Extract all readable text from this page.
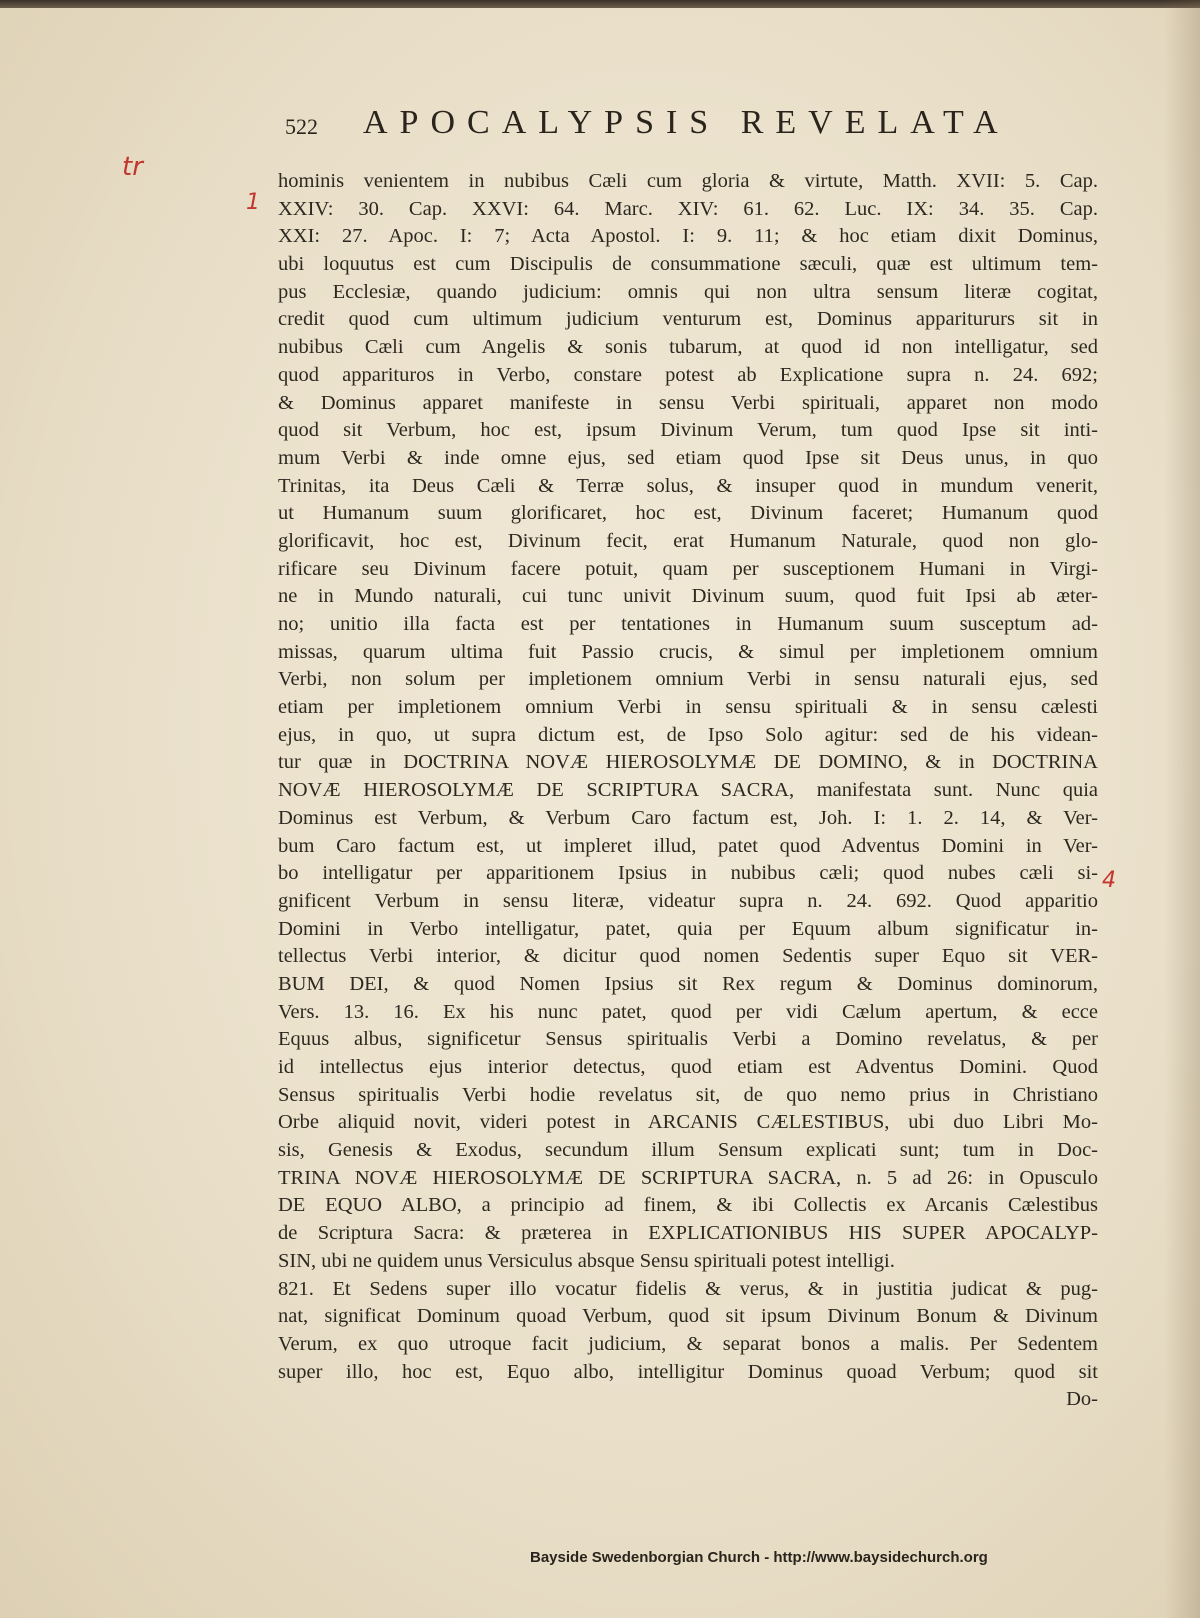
522 APOCALYPSIS REVELATA
tr
1
4
hominis venientem in nubibus Cæli cum gloria & virtute, Matth. XVII: 5. Cap.
XXIV: 30. Cap. XXVI: 64. Marc. XIV: 61. 62. Luc. IX: 34. 35. Cap.
XXI: 27. Apoc. I: 7; Acta Apostol. I: 9. 11; & hoc etiam dixit Dominus,
ubi loquutus est cum Discipulis de consummatione sæculi, quæ est ultimum tem-
pus Ecclesiæ, quando judicium: omnis qui non ultra sensum literæ cogitat,
credit quod cum ultimum judicium venturum est, Dominus apparitururs sit in
nubibus Cæli cum Angelis & sonis tubarum, at quod id non intelligatur, sed
quod apparituros in Verbo, constare potest ab Explicatione supra n. 24. 692;
& Dominus apparet manifeste in sensu Verbi spirituali, apparet non modo
quod sit Verbum, hoc est, ipsum Divinum Verum, tum quod Ipse sit inti-
mum Verbi & inde omne ejus, sed etiam quod Ipse sit Deus unus, in quo
Trinitas, ita Deus Cæli & Terræ solus, & insuper quod in mundum venerit,
ut Humanum suum glorificaret, hoc est, Divinum faceret; Humanum quod
glorificavit, hoc est, Divinum fecit, erat Humanum Naturale, quod non glo-
rificare seu Divinum facere potuit, quam per susceptionem Humani in Virgi-
ne in Mundo naturali, cui tunc univit Divinum suum, quod fuit Ipsi ab æter-
no; unitio illa facta est per tentationes in Humanum suum susceptum ad-
missas, quarum ultima fuit Passio crucis, & simul per impletionem omnium
Verbi, non solum per impletionem omnium Verbi in sensu naturali ejus, sed
etiam per impletionem omnium Verbi in sensu spirituali & in sensu cælesti
ejus, in quo, ut supra dictum est, de Ipso Solo agitur: sed de his videan-
tur quæ in DOCTRINA NOVÆ HIEROSOLYMÆ DE DOMINO, & in DOCTRINA
NOVÆ HIEROSOLYMÆ DE SCRIPTURA SACRA, manifestata sunt. Nunc quia
Dominus est Verbum, & Verbum Caro factum est, Joh. I: 1. 2. 14, & Ver-
bum Caro factum est, ut impleret illud, patet quod Adventus Domini in Ver-
bo intelligatur per apparitionem Ipsius in nubibus cæli; quod nubes cæli si-
gnificent Verbum in sensu literæ, videatur supra n. 24. 692. Quod apparitio
Domini in Verbo intelligatur, patet, quia per Equum album significatur in-
tellectus Verbi interior, & dicitur quod nomen Sedentis super Equo sit VER-
BUM DEI, & quod Nomen Ipsius sit Rex regum & Dominus dominorum,
Vers. 13. 16. Ex his nunc patet, quod per vidi Cælum apertum, & ecce
Equus albus, significetur Sensus spiritualis Verbi a Domino revelatus, & per
id intellectus ejus interior detectus, quod etiam est Adventus Domini. Quod
Sensus spiritualis Verbi hodie revelatus sit, de quo nemo prius in Christiano
Orbe aliquid novit, videri potest in ARCANIS CÆLESTIBUS, ubi duo Libri Mo-
sis, Genesis & Exodus, secundum illum Sensum explicati sunt; tum in Doc-
TRINA NOVÆ HIEROSOLYMÆ DE SCRIPTURA SACRA, n. 5 ad 26: in Opusculo
DE EQUO ALBO, a principio ad finem, & ibi Collectis ex Arcanis Cælestibus
de Scriptura Sacra: & præterea in EXPLICATIONIBUS HIS SUPER APOCALYP-
SIN, ubi ne quidem unus Versiculus absque Sensu spirituali potest intelligi.
821. Et Sedens super illo vocatur fidelis & verus, & in justitia judicat & pug-
nat, significat Dominum quoad Verbum, quod sit ipsum Divinum Bonum & Divinum
Verum, ex quo utroque facit judicium, & separat bonos a malis. Per Sedentem
super illo, hoc est, Equo albo, intelligitur Dominus quoad Verbum; quod sit
Do-
Bayside Swedenborgian Church - http://www.baysidechurch.org
